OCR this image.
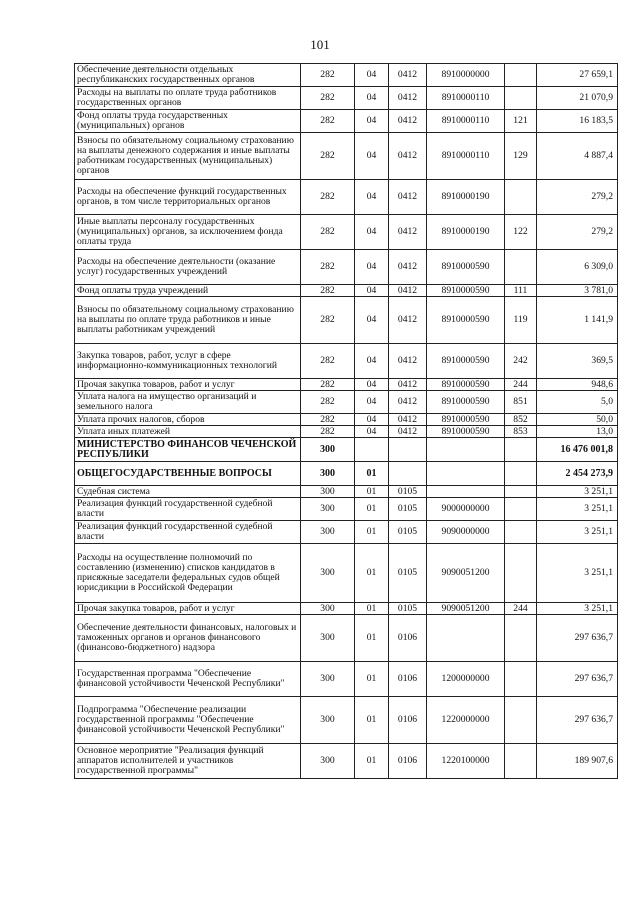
101
Обеспечение деятельности отдельных республиканских государственных органов	282	04	0412	8910000000		27 659,1
Расходы на выплаты по оплате труда работников государственных органов	282	04	0412	8910000110		21 070,9
Фонд оплаты труда государственных (муниципальных) органов	282	04	0412	8910000110	121	16 183,5
Взносы по обязательному социальному страхованию на выплаты денежного содержания и иные выплаты работникам государственных (муниципальных) органов	282	04	0412	8910000110	129	4 887,4
Расходы на обеспечение функций государственных органов, в том числе территориальных органов	282	04	0412	8910000190		279,2
Иные выплаты персоналу государственных (муниципальных) органов, за исключением фонда оплаты труда	282	04	0412	8910000190	122	279,2
Расходы на обеспечение деятельности (оказание услуг) государственных учреждений	282	04	0412	8910000590		6 309,0
Фонд оплаты труда учреждений	282	04	0412	8910000590	111	3 781,0
Взносы по обязательному социальному страхованию на выплаты по оплате труда работников и иные выплаты работникам учреждений	282	04	0412	8910000590	119	1 141,9
Закупка товаров, работ, услуг в сфере информационно-коммуникационных технологий	282	04	0412	8910000590	242	369,5
Прочая закупка товаров, работ и услуг	282	04	0412	8910000590	244	948,6
Уплата налога на имущество организаций и земельного налога	282	04	0412	8910000590	851	5,0
Уплата прочих налогов, сборов	282	04	0412	8910000590	852	50,0
Уплата иных платежей	282	04	0412	8910000590	853	13,0
МИНИСТЕРСТВО ФИНАНСОВ ЧЕЧЕНСКОЙ РЕСПУБЛИКИ	300					16 476 001,8
ОБЩЕГОСУДАРСТВЕННЫЕ ВОПРОСЫ	300	01				2 454 273,9
Судебная система	300	01	0105			3 251,1
Реализация функций государственной судебной власти	300	01	0105	9000000000		3 251,1
Реализация функций государственной судебной власти	300	01	0105	9090000000		3 251,1
Расходы на осуществление полномочий по составлению (изменению) списков кандидатов в присяжные заседатели федеральных судов общей юрисдикции в Российской Федерации	300	01	0105	9090051200		3 251,1
Прочая закупка товаров, работ и услуг	300	01	0105	9090051200	244	3 251,1
Обеспечение деятельности финансовых, налоговых и таможенных органов и органов финансового (финансово-бюджетного) надзора	300	01	0106			297 636,7
Государственная программа "Обеспечение финансовой устойчивости Чеченской Республики"	300	01	0106	1200000000		297 636,7
Подпрограмма "Обеспечение реализации государственной программы "Обеспечение финансовой устойчивости Чеченской Республики"	300	01	0106	1220000000		297 636,7
Основное мероприятие "Реализация функций аппаратов исполнителей и участников государственной программы"	300	01	0106	1220100000		189 907,6
